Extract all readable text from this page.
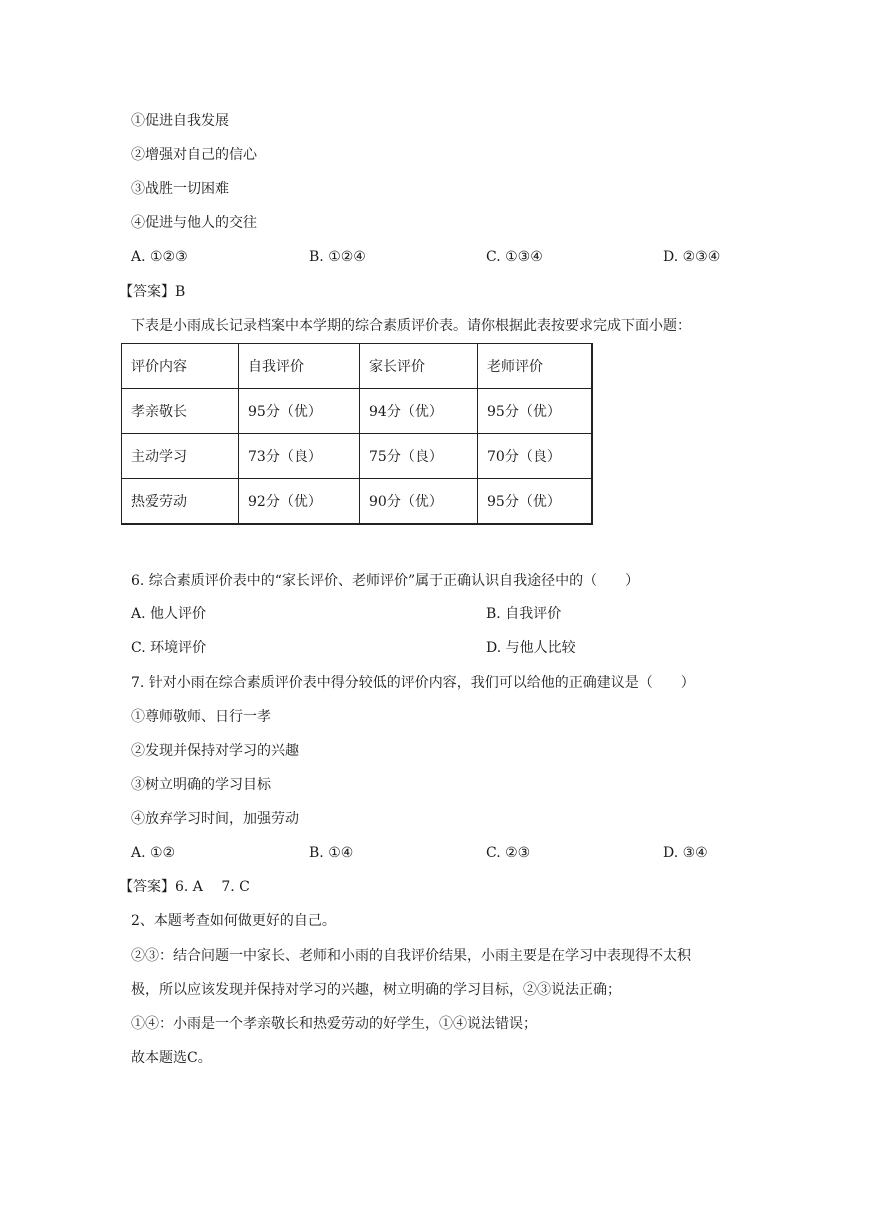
①促进自我发展
②增强对自己的信心
③战胜一切困难
④促进与他人的交往
A. ①②③	B. ①②④	C. ①③④	D. ②③④
【答案】B
下表是小雨成长记录档案中本学期的综合素质评价表。请你根据此表按要求完成下面小题：
评价内容	自我评价	家长评价	老师评价
孝亲敬长	95分（优）	94分（优）	95分（优）
主动学习	73分（良）	75分（良）	70分（良）
热爱劳动	92分（优）	90分（优）	95分（优）
6. 综合素质评价表中的“家长评价、老师评价”属于正确认识自我途径中的（　　）
A. 他人评价	B. 自我评价
C. 环境评价	D. 与他人比较
7. 针对小雨在综合素质评价表中得分较低的评价内容，我们可以给他的正确建议是（　　）
①尊师敬师、日行一孝
②发现并保持对学习的兴趣
③树立明确的学习目标
④放弃学习时间，加强劳动
A. ①②	B. ①④	C. ②③	D. ③④
【答案】6. A　 7. C
2、本题考查如何做更好的自己。
②③：结合问题一中家长、老师和小雨的自我评价结果，小雨主要是在学习中表现得不太积
极，所以应该发现并保持对学习的兴趣，树立明确的学习目标，②③说法正确；
①④：小雨是一个孝亲敬长和热爱劳动的好学生，①④说法错误；
故本题选C。
